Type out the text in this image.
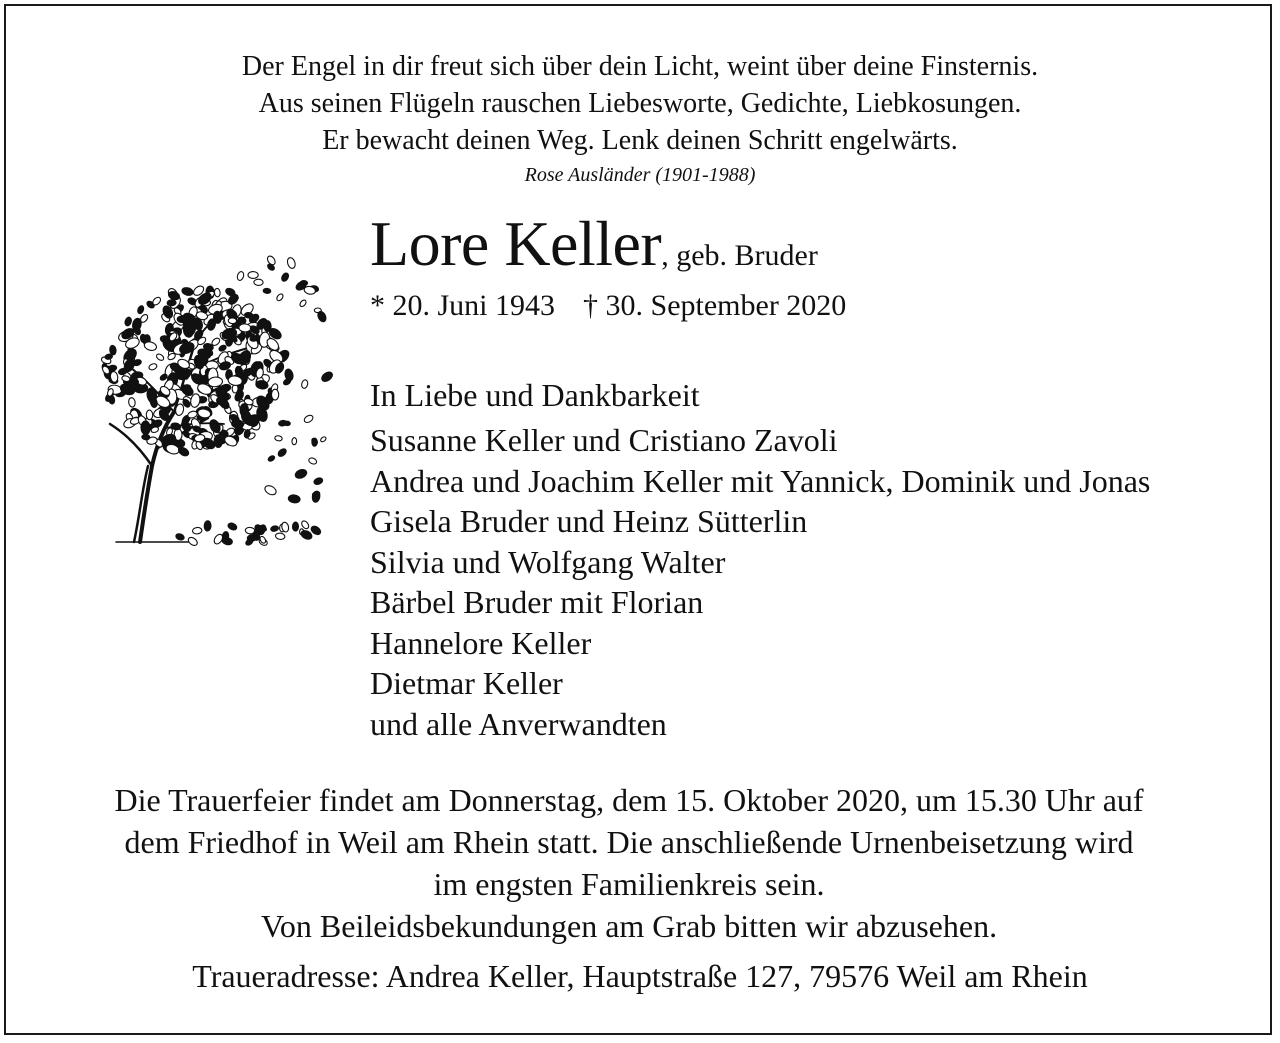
Der Engel in dir freut sich über dein Licht, weint über deine Finsternis.
Aus seinen Flügeln rauschen Liebesworte, Gedichte, Liebkosungen.
Er bewacht deinen Weg. Lenk deinen Schritt engelwärts.
Rose Ausländer (1901-1988)
Lore Keller, geb. Bruder
* 20. Juni 1943 † 30. September 2020
In Liebe und Dankbarkeit
Susanne Keller und Cristiano Zavoli
Andrea und Joachim Keller mit Yannick, Dominik und Jonas
Gisela Bruder und Heinz Sütterlin
Silvia und Wolfgang Walter
Bärbel Bruder mit Florian
Hannelore Keller
Dietmar Keller
und alle Anverwandten
Die Trauerfeier findet am Donnerstag, dem 15. Oktober 2020, um 15.30 Uhr auf
dem Friedhof in Weil am Rhein statt. Die anschließende Urnenbeisetzung wird
im engsten Familienkreis sein.
Von Beileidsbekundungen am Grab bitten wir abzusehen.
Traueradresse: Andrea Keller, Hauptstraße 127, 79576 Weil am Rhein
